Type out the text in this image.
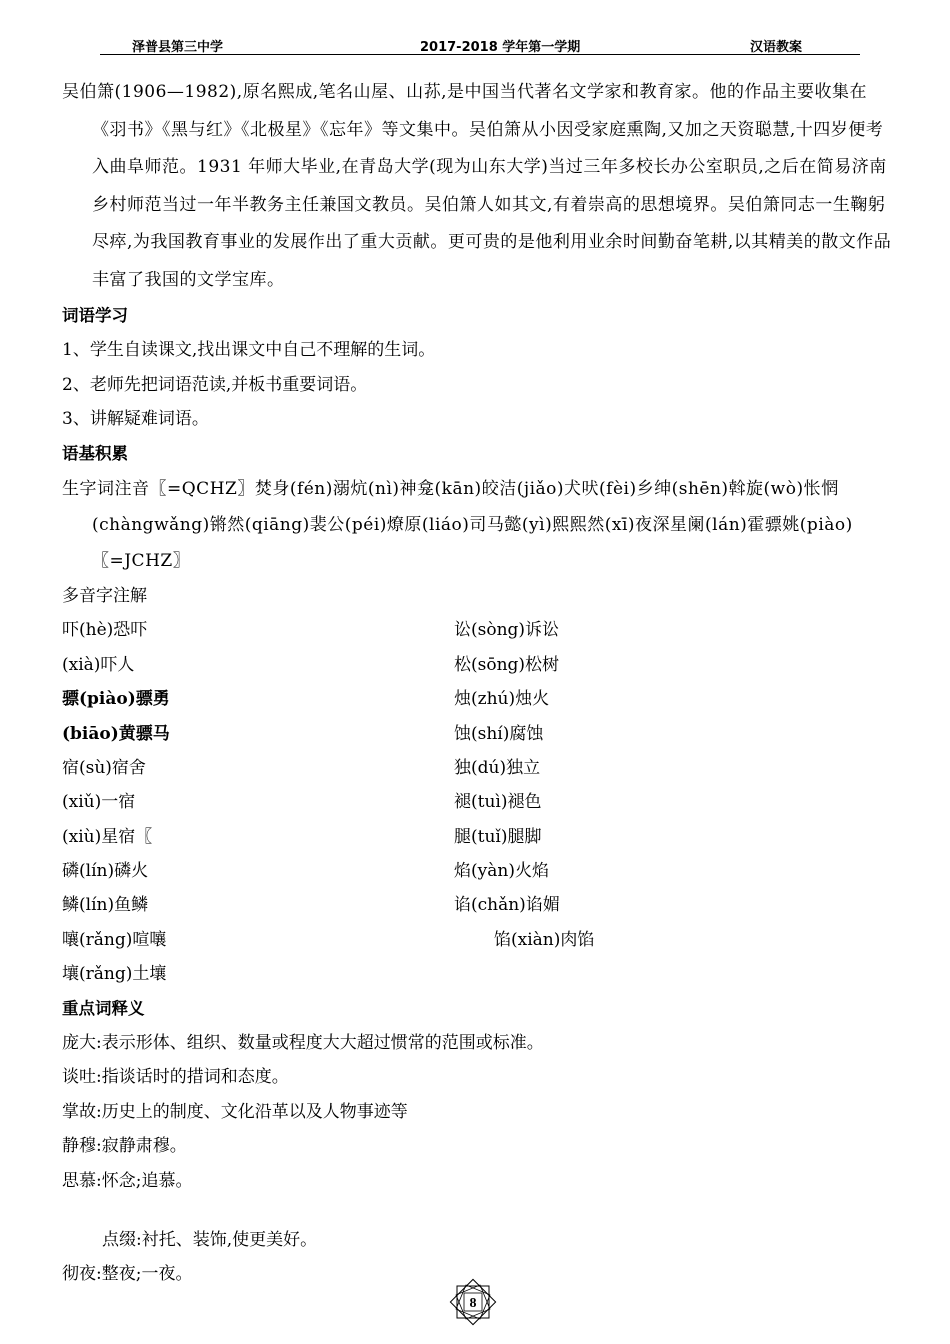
泽普县第三中学	2017-2018 学年第一学期	汉语教案

吴伯箫(1906—1982),原名熙成,笔名山屋、山荪,是中国当代著名文学家和教育家。他的作品主要收集在《羽书》《黑与红》《北极星》《忘年》等文集中。吴伯箫从小因受家庭熏陶,又加之天资聪慧,十四岁便考入曲阜师范。1931 年师大毕业,在青岛大学(现为山东大学)当过三年多校长办公室职员,之后在简易济南乡村师范当过一年半教务主任兼国文教员。吴伯箫人如其文,有着崇高的思想境界。吴伯箫同志一生鞠躬尽瘁,为我国教育事业的发展作出了重大贡献。更可贵的是他利用业余时间勤奋笔耕,以其精美的散文作品丰富了我国的文学宝库。

词语学习
1、学生自读课文,找出课文中自己不理解的生词。
2、老师先把词语范读,并板书重要词语。
3、讲解疑难词语。
语基积累

生字词注音〖=QCHZ〗焚身(fén)溺炕(nì)神龛(kān)皎洁(jiǎo)犬吠(fèi)乡绅(shēn)斡旋(wò)怅惘(chàngwǎng)锵然(qiāng)裴公(péi)燎原(liáo)司马懿(yì)熙熙然(xī)夜深星阑(lán)霍骠姚(piào)〖=JCHZ〗

多音字注解
吓(hè)恐吓	讼(sòng)诉讼
(xià)吓人	松(sōng)松树
骠(piào)骠勇	烛(zhú)烛火
(biāo)黄骠马	蚀(shí)腐蚀
宿(sù)宿舍	独(dú)独立
(xiǔ)一宿	褪(tuì)褪色
(xiù)星宿〖	腿(tuǐ)腿脚
磷(lín)磷火	焰(yàn)火焰
鳞(lín)鱼鳞	谄(chǎn)谄媚
嚷(rǎng)喧嚷	馅(xiàn)肉馅
壤(rǎng)土壤
重点词释义
庞大:表示形体、组织、数量或程度大大超过惯常的范围或标准。
谈吐:指谈话时的措词和态度。
掌故:历史上的制度、文化沿革以及人物事迹等
静穆:寂静肃穆。
思慕:怀念;追慕。
点缀:衬托、装饰,使更美好。
彻夜:整夜;一夜。
8
